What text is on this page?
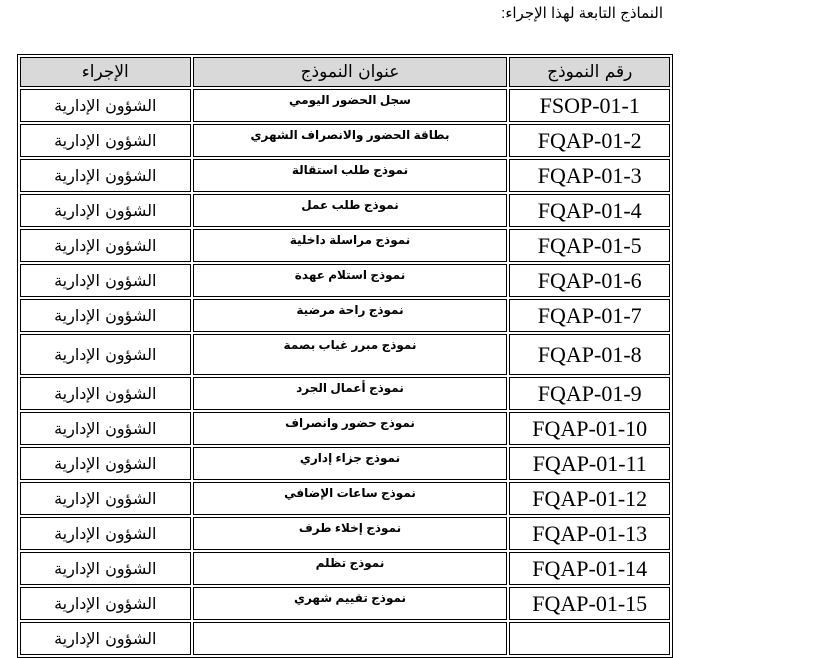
النماذج التابعة لهذا الإجراء:
الإجراء	عنوان النموذج	رقم النموذج
الشؤون الإدارية	سجل الحضور اليومي	FSOP-01-1
الشؤون الإدارية	بطاقة الحضور والانصراف الشهري	FQAP-01-2
الشؤون الإدارية	نموذج طلب استقالة	FQAP-01-3
الشؤون الإدارية	نموذج طلب عمل	FQAP-01-4
الشؤون الإدارية	نموذج مراسلة داخلية	FQAP-01-5
الشؤون الإدارية	نموذج استلام عهدة	FQAP-01-6
الشؤون الإدارية	نموذج راحة مرضية	FQAP-01-7
الشؤون الإدارية	نموذج مبرر غياب بصمة	FQAP-01-8
الشؤون الإدارية	نموذج أعمال الجرد	FQAP-01-9
الشؤون الإدارية	نموذج حضور وانصراف	FQAP-01-10
الشؤون الإدارية	نموذج جزاء إداري	FQAP-01-11
الشؤون الإدارية	نموذج ساعات الإضافي	FQAP-01-12
الشؤون الإدارية	نموذج إخلاء طرف	FQAP-01-13
الشؤون الإدارية	نموذج تظلم	FQAP-01-14
الشؤون الإدارية	نموذج تقييم شهري	FQAP-01-15
الشؤون الإدارية		
